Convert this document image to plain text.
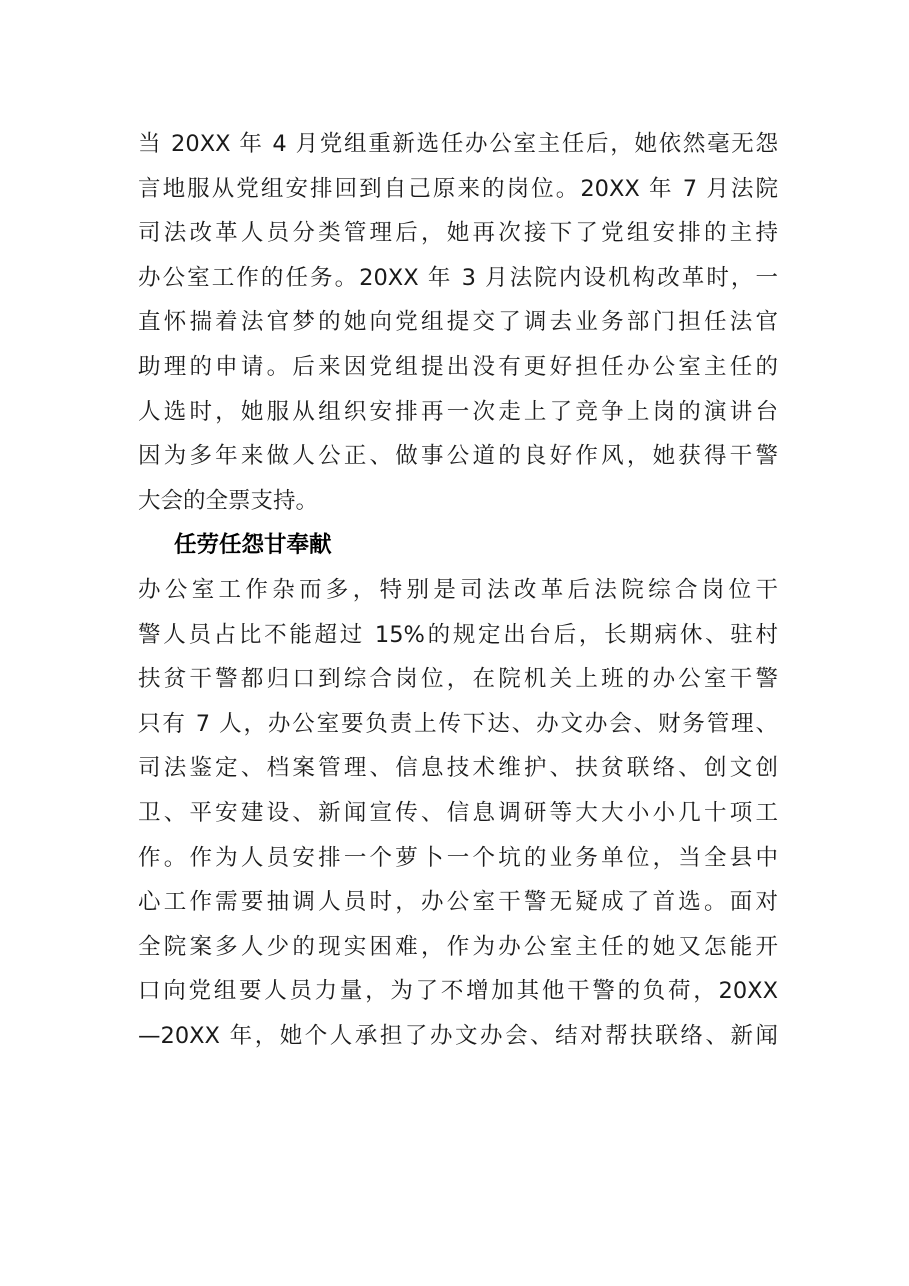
当 20XX 年 4 月党组重新选任办公室主任后，她依然毫无怨
言地服从党组安排回到自己原来的岗位。20XX 年 7 月法院
司法改革人员分类管理后，她再次接下了党组安排的主持
办公室工作的任务。20XX 年 3 月法院内设机构改革时，一
直怀揣着法官梦的她向党组提交了调去业务部门担任法官
助理的申请。后来因党组提出没有更好担任办公室主任的
人选时，她服从组织安排再一次走上了竞争上岗的演讲台
因为多年来做人公正、做事公道的良好作风，她获得干警
大会的全票支持。
任劳任怨甘奉献
办公室工作杂而多，特别是司法改革后法院综合岗位干
警人员占比不能超过 15%的规定出台后，长期病休、驻村
扶贫干警都归口到综合岗位，在院机关上班的办公室干警
只有 7 人，办公室要负责上传下达、办文办会、财务管理、
司法鉴定、档案管理、信息技术维护、扶贫联络、创文创
卫、平安建设、新闻宣传、信息调研等大大小小几十项工
作。作为人员安排一个萝卜一个坑的业务单位，当全县中
心工作需要抽调人员时，办公室干警无疑成了首选。面对
全院案多人少的现实困难，作为办公室主任的她又怎能开
口向党组要人员力量，为了不增加其他干警的负荷，20XX
—20XX 年，她个人承担了办文办会、结对帮扶联络、新闻
